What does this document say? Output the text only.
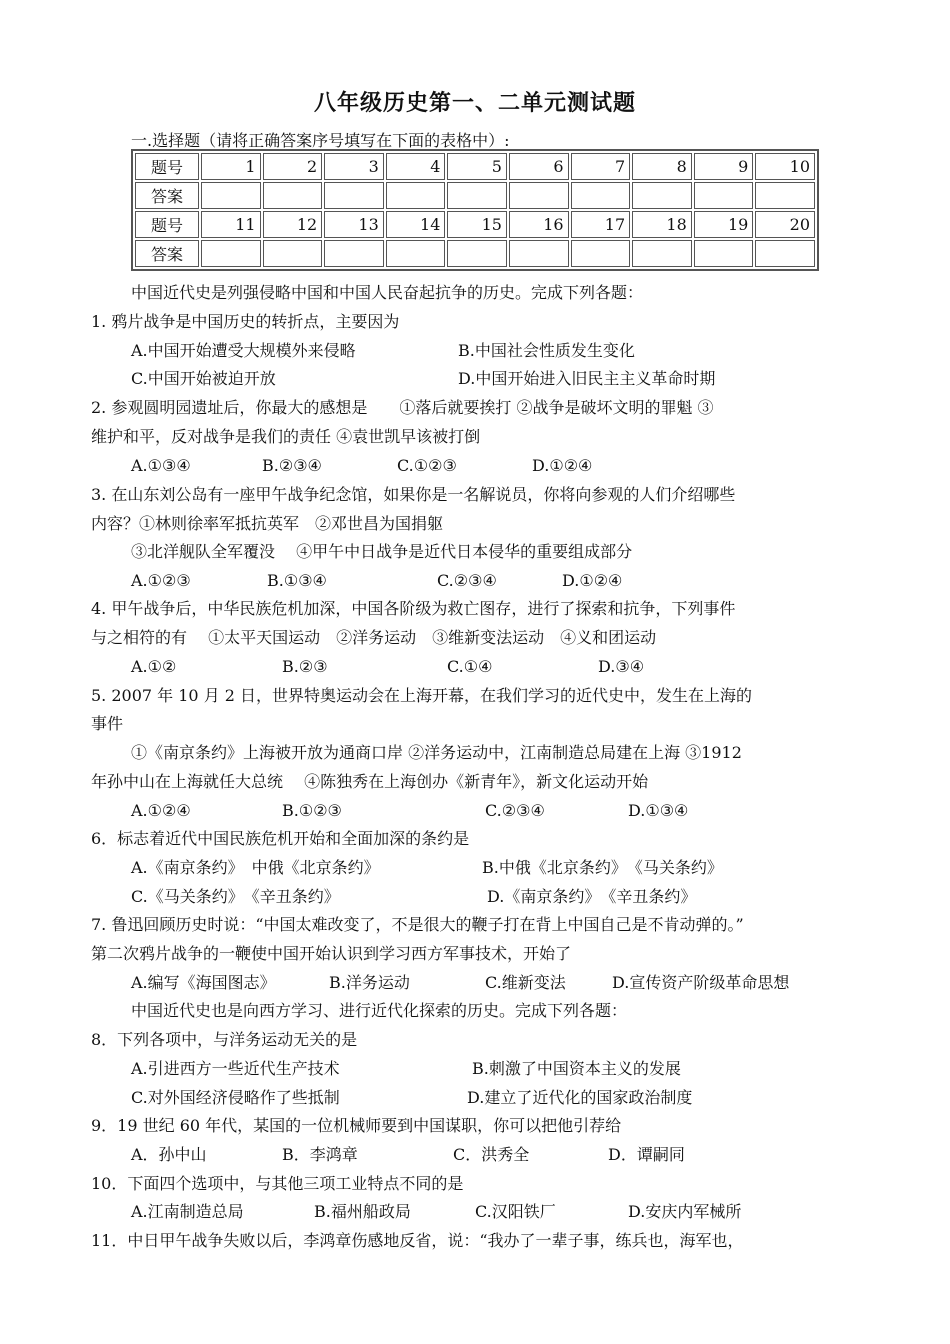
八年级历史第一、二单元测试题
一.选择题（请将正确答案序号填写在下面的表格中）:
题号	1	2	3	4	5	6	7	8	9	10
答案										
题号	11	12	13	14	15	16	17	18	19	20
答案										
中国近代史是列强侵略中国和中国人民奋起抗争的历史。完成下列各题：
1. 鸦片战争是中国历史的转折点，主要因为
A.中国开始遭受大规模外来侵略	B.中国社会性质发生变化
C.中国开始被迫开放	D.中国开始进入旧民主主义革命时期
2. 参观圆明园遗址后，你最大的感想是　　①落后就要挨打 ②战争是破坏文明的罪魁 ③
维护和平，反对战争是我们的责任 ④袁世凯早该被打倒
A.①③④	B.②③④	C.①②③	D.①②④
3. 在山东刘公岛有一座甲午战争纪念馆，如果你是一名解说员，你将向参观的人们介绍哪些
内容？①林则徐率军抵抗英军　②邓世昌为国捐躯
③北洋舰队全军覆没　 ④甲午中日战争是近代日本侵华的重要组成部分
A.①②③	B.①③④	C.②③④	D.①②④
4. 甲午战争后，中华民族危机加深，中国各阶级为救亡图存，进行了探索和抗争，下列事件
与之相符的有　 ①太平天国运动　②洋务运动　③维新变法运动　④义和团运动
A.①②	B.②③	C.①④	D.③④
5. 2007 年 10 月 2 日，世界特奥运动会在上海开幕，在我们学习的近代史中，发生在上海的
事件
①《南京条约》上海被开放为通商口岸 ②洋务运动中，江南制造总局建在上海 ③1912
年孙中山在上海就任大总统　 ④陈独秀在上海创办《新青年》，新文化运动开始
A.①②④	B.①②③	C.②③④	D.①③④
6．标志着近代中国民族危机开始和全面加深的条约是
A.《南京条约》　中俄《北京条约》	B.中俄《北京条约》　《马关条约》
C.《马关条约》　《辛丑条约》	D.《南京条约》　《辛丑条约》
7. 鲁迅回顾历史时说：“中国太难改变了，不是很大的鞭子打在背上中国自己是不肯动弹的。”
第二次鸦片战争的一鞭使中国开始认识到学习西方军事技术，开始了
A.编写《海国图志》	B.洋务运动	C.维新变法	D.宣传资产阶级革命思想
中国近代史也是向西方学习、进行近代化探索的历史。完成下列各题：
8．下列各项中，与洋务运动无关的是
A.引进西方一些近代生产技术	B.刺激了中国资本主义的发展
C.对外国经济侵略作了些抵制	D.建立了近代化的国家政治制度
9．19 世纪 60 年代，某国的一位机械师要到中国谋职，你可以把他引荐给
A．孙中山	B．李鸿章	C．洪秀全	D．谭嗣同
10．下面四个选项中，与其他三项工业特点不同的是
A.江南制造总局	B.福州船政局	C.汉阳铁厂	D.安庆内军械所
11．中日甲午战争失败以后，李鸿章伤感地反省，说：“我办了一辈子事，练兵也，海军也，
